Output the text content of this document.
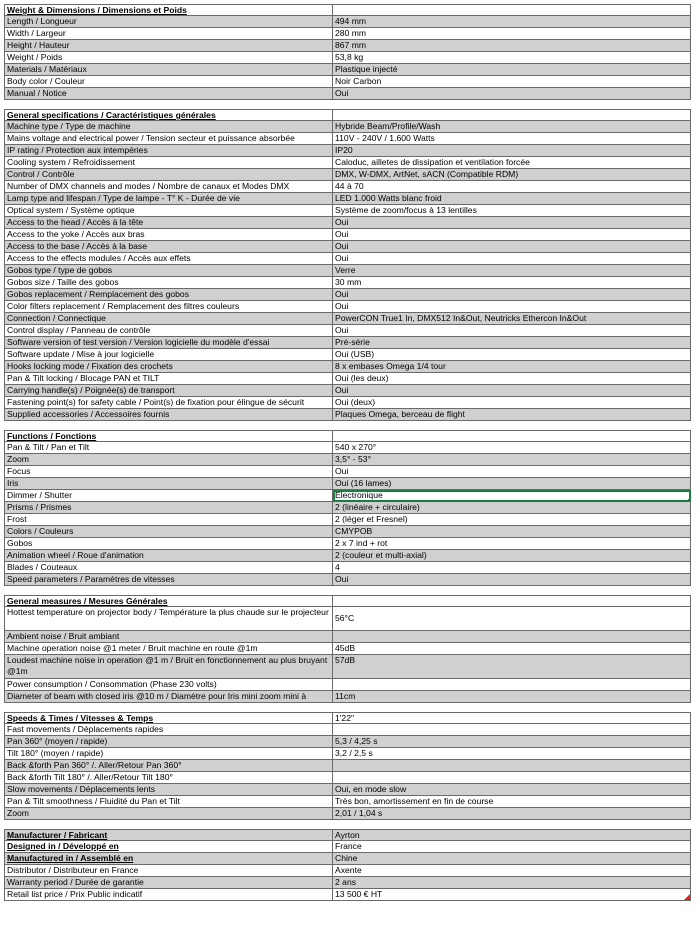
Weight & Dimensions / Dimensions et Poids	
Length / Longueur	494 mm
Width / Largeur	280 mm
Height / Hauteur	867 mm
Weight / Poids	53,8 kg
Materials / Matériaux	Plastique injecté
Body color / Couleur	Noir Carbon
Manual / Notice	Oui
General specifications / Caractéristiques générales	
Machine type / Type de machine	Hybride Beam/Profile/Wash
Mains voltage and electrical power / Tension secteur et puissance absorbée	110V - 240V / 1.600 Watts
IP rating / Protection aux intempéries	IP20
Cooling system / Refroidissement	Caloduc, ailletes de dissipation et ventilation forcée
Control / Contrôle	DMX, W-DMX, ArtNet, sACN (Compatible RDM)
Number of DMX channels and modes / Nombre de canaux et Modes DMX	44 à 70
Lamp type and lifespan / Type de lampe - T° K - Durée de vie	LED 1.000 Watts blanc froid
Optical system / Système optique	Système de zoom/focus à 13 lentilles
Access to the head / Accès à la tête	Oui
Access to the yoke / Accès aux bras	Oui
Access to the base / Accès à la base	Oui
Access to the effects modules / Accès aux effets	Oui
Gobos type / type de gobos	Verre
Gobos size / Taille des gobos	30 mm
Gobos replacement / Remplacement des gobos	Oui
Color filters replacement / Remplacement des filtres couleurs	Oui
Connection / Connectique	PowerCON True1 In, DMX512 In&Out, Neutricks Ethercon In&Out
Control display / Panneau de contrôle	Oui
Software version of test version / Version logicielle du modèle d'essai	Pré-série
Software update / Mise à jour logicielle	Oui (USB)
Hooks locking mode / Fixation des crochets	8 x embases Omega 1/4 tour
Pan & Tilt locking / Blocage PAN et TILT	Oui (les deux)
Carrying handle(s) / Poignée(s) de transport	Oui
Fastening point(s) for safety cable / Point(s) de fixation pour élingue de sécurit	Oui (deux)
Supplied accessories / Accessoires fournis	Plaques Omega, berceau de flight
Functions / Fonctions	
Pan & Tilt / Pan et Tilt	540 x 270°
Zoom	3,5° - 53°
Focus	Oui
Iris	Oui (16 lames)
Dimmer / Shutter	Electronique

Prisms / Prismes	2 (linéaire + circulaire)
Frost	2 (léger et Fresnel)
Colors / Couleurs	CMYPOB
Gobos	2 x 7 ind + rot
Animation wheel / Roue d'animation	2 (couleur et multi-axial)
Blades / Couteaux	4
Speed parameters / Paramètres de vitesses	Oui
General measures / Mesures Générales	
Hottest temperature on projector body / Température la plus chaude sur le projecteur	56°C
Ambient noise / Bruit ambiant	
Machine operation noise @1 meter / Bruit machine en route @1m	45dB
Loudest machine noise in operation @1 m / Bruit en fonctionnement au plus bruyant @1m	57dB
Power consumption / Consommation (Phase 230 volts)	
Diameter of beam with closed iris @10 m / Diamètre pour Iris mini zoom mini à	11cm
Speeds & Times / Vitesses & Temps	1'22"
Fast movements / Déplacements rapides	
Pan 360° (moyen / rapide)	5,3 / 4,25 s
Tilt 180° (moyen / rapide)	3,2 / 2,5 s
Back &forth Pan 360° /. Aller/Retour Pan 360°	
Back &forth Tilt 180° /. Aller/Retour Tilt 180°	
Slow movements / Déplacements lents	Oui, en mode slow
Pan & Tilt smoothness / Fluidité du Pan et Tilt	Très bon, amortissement en fin de course
Zoom	2,01 / 1,04 s
Manufacturer / Fabricant	Ayrton
Designed in / Développé en	France
Manufactured in / Assemblé en	Chine
Distributor / Distributeur en France	Axente
Warranty period / Durée de garantie	2 ans
Retail list price / Prix Public indicatif	13 500 € HT
